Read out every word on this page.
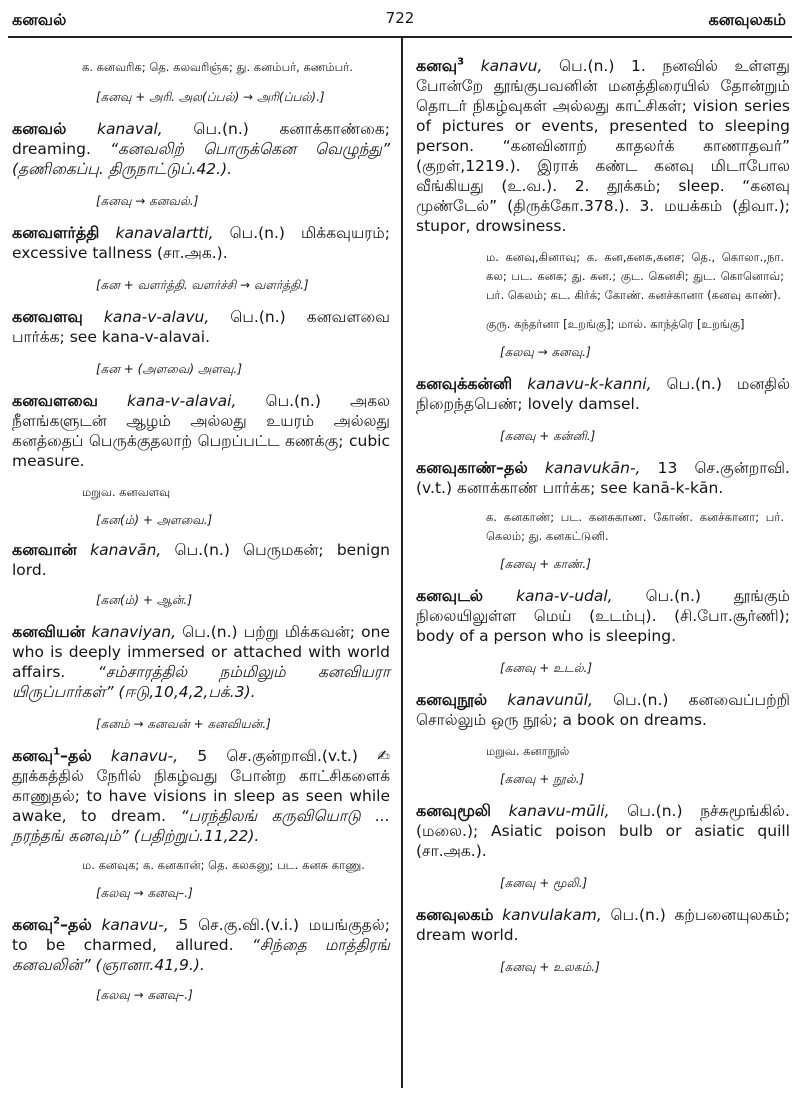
கனவல்	722	கனவுலகம்

க. கனவரிக; தெ. கலவரிஞ்க; து. கனம்பர், கணம்பர்.

[கனவு + அரி. அல(ப்பல்) → அரி(ப்பல்).]

கனவல் kanaval, பெ.(n.) கனாக்காண்கை; dreaming. “கனவலிற் பொருக்கென வெழுந்து” (தணிகைப்பு. திருநாட்டுப்.42.).

[கனவு → கனவல்.]

கனவளர்த்தி kanavalartti, பெ.(n.) மிக்கவுயரம்; excessive tallness (சா.அக.).

[கன + வளர்த்தி. வளர்ச்சி → வளர்த்தி.]

கனவளவு kana-v-alavu, பெ.(n.) கனவளவை பார்க்க; see kana-v-alavai.

[கன + (அளவை) அளவு.]

கனவளவை kana-v-alavai, பெ.(n.) அகல நீளங்களுடன் ஆழம் அல்லது உயரம் அல்லது கனத்தைப் பெருக்குதலாற் பெறப்பட்ட கணக்கு; cubic measure.

மறுவ. கனவளவு

[கன(ம்) + அளவை.]

கனவான் kanavān, பெ.(n.) பெருமகன்; benign lord.

[கன(ம்) + ஆன்.]

கனவியன் kanaviyan, பெ.(n.) பற்று மிக்கவன்; one who is deeply immersed or attached with world affairs. “சம்சாரத்தில் நம்மிலும் கனவியரா யிருப்பார்கள்” (ஈடு,10,4,2,பக்.3).

[கனம் → கனவன் + கனவியன்.]

கனவு$^1$–தல் kanavu-, 5 செ.குன்றாவி.(v.t.) ✍ தூக்கத்தில் நேரில் நிகழ்வது போன்ற காட்சிகளைக் காணுதல்; to have visions in sleep as seen while awake, to dream. “பரந்திலங் கருவியொடு ... நரந்தங் கனவும்” (பதிற்றுப்.11,22).

ம. கனவுக; க. கனகான்; தெ. கலகனு; பட. கனசு காணு.

[கலவு → கனவு–.]

கனவு$^2$–தல் kanavu-, 5 செ.கு.வி.(v.i.) மயங்குதல்; to be charmed, allured. “சிந்தை மாத்திரங் கனவலின்” (ஞானா.41,9.).

[கலவு → கனவு–.]

கனவு$^3$ kanavu, பெ.(n.) 1. நனவில் உள்ளது போன்றே தூங்குபவனின் மனத்திரையில் தோன்றும் தொடர் நிகழ்வுகள் அல்லது காட்சிகள்; vision series of pictures or events, presented to sleeping person. “கனவினாற் காதலர்க் காணாதவர்” (குறள்,1219.). இராக் கண்ட கனவு மிடாபோல வீங்கியது (உ.வ.). 2. தூக்கம்; sleep. “கனவு முண்டேல்” (திருக்கோ.378.). 3. மயக்கம் (திவா.); stupor, drowsiness.

ம. கனவு,கினாவு; க. கன,கனசு,கனச; தெ., கொலா.,நா. கல; பட. கனசு; து. கன.; குட. கெனசி; துட. கொனொவ்; பர். கெலம்; கட. கிர்க்; கோண். கனச்கானா (கனவு காண்).

குரு. கந்தர்னா [உறங்கு]; மால். காந்த்ரெ [உறங்கு]

[கலவு → கனவு.]

கனவுக்கன்னி kanavu-k-kanni, பெ.(n.) மனதில் நிறைந்தபெண்; lovely damsel.

[கனவு + கன்னி.]

கனவுகாண்–தல் kanavukān-, 13 செ.குன்றாவி. (v.t.) கனாக்காண் பார்க்க; see kanā-k-kān.

க. கனகாண்; பட. கனசுகாண. கோண். கனச்கானா; பர். கெலம்; து. கனகட்டுனி.

[கனவு + காண்.]

கனவுடல் kana-v-udal, பெ.(n.) தூங்கும் நிலையிலுள்ள மெய் (உடம்பு). (சி.போ.சூர்ணி); body of a person who is sleeping.

[கனவு + உடல்.]

கனவுநூல் kanavunūl, பெ.(n.) கனவைப்பற்றி சொல்லும் ஒரு நூல்; a book on dreams.

மறுவ. கனாநூல்

[கனவு + நூல்.]

கனவுமூலி kanavu-mūli, பெ.(n.) நச்சுமூங்கில். (மலை.); Asiatic poison bulb or asiatic quill (சா.அக.).

[கனவு + மூலி.]

கனவுலகம் kanvulakam, பெ.(n.) கற்பனையுலகம்; dream world.

[கனவு + உலகம்.]
